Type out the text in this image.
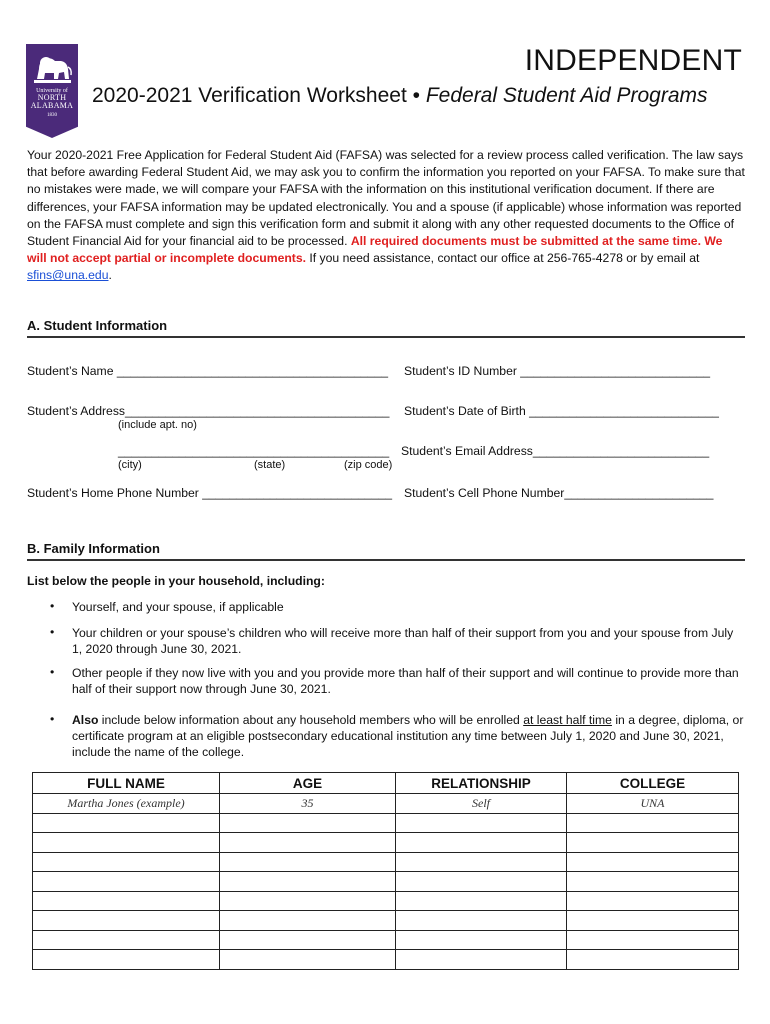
University of
NORTH
ALABAMA
1830
INDEPENDENT
2020-2021 Verification Worksheet • Federal Student Aid Programs
Your 2020-2021 Free Application for Federal Student Aid (FAFSA) was selected for a review process called verification. The law says that before awarding Federal Student Aid, we may ask you to confirm the information you reported on your FAFSA. To make sure that no mistakes were made, we will compare your FAFSA with the information on this institutional verification document. If there are differences, your FAFSA information may be updated electronically. You and a spouse (if applicable) whose information was reported on the FAFSA must complete and sign this verification form and submit it along with any other requested documents to the Office of Student Financial Aid for your financial aid to be processed. All required documents must be submitted at the same time. We will not accept partial or incomplete documents. If you need assistance, contact our office at 256-765-4278 or by email at sfins@una.edu.
A. Student Information
Student’s Name ________________________________________ Student’s ID Number ____________________________
Student’s Address_______________________________________ Student’s Date of Birth ____________________________
(include apt. no)
________________________________________ Student’s Email Address__________________________
(city)	(state)	(zip code)
Student’s Home Phone Number ____________________________ Student’s Cell Phone Number______________________
B. Family Information
List below the people in your household, including:
• Yourself, and your spouse, if applicable
• Your children or your spouse’s children who will receive more than half of their support from you and your spouse from July 1, 2020 through June 30, 2021.
• Other people if they now live with you and you provide more than half of their support and will continue to provide more than half of their support now through June 30, 2021.
• Also include below information about any household members who will be enrolled at least half time in a degree, diploma, or certificate program at an eligible postsecondary educational institution any time between July 1, 2020 and June 30, 2021, include the name of the college.
FULL NAME	AGE	RELATIONSHIP	COLLEGE
Martha Jones (example)	35	Self	UNA
